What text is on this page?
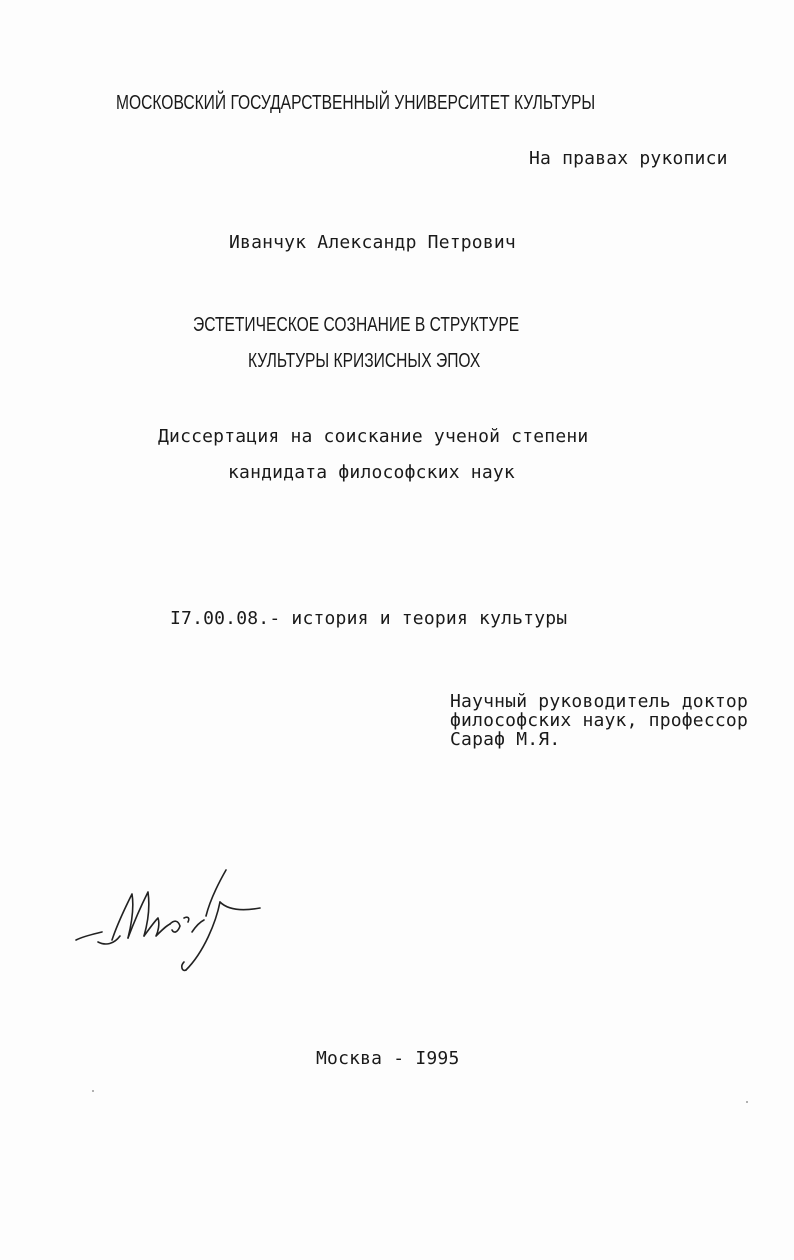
МОСКОВСКИЙ ГОСУДАРСТВЕННЫЙ УНИВЕРСИТЕТ КУЛЬТУРЫ
На правах рукописи
Иванчук Александр Петрович
ЭСТЕТИЧЕСКОЕ СОЗНАНИЕ В СТРУКТУРЕ
КУЛЬТУРЫ КРИЗИСНЫХ ЭПОХ
Диссертация на соискание ученой степени
кандидата философских наук
I7.00.08.- история и теория культуры
Научный руководитель доктор
философских наук, профессор
Сараф М.Я.
Москва - I995
